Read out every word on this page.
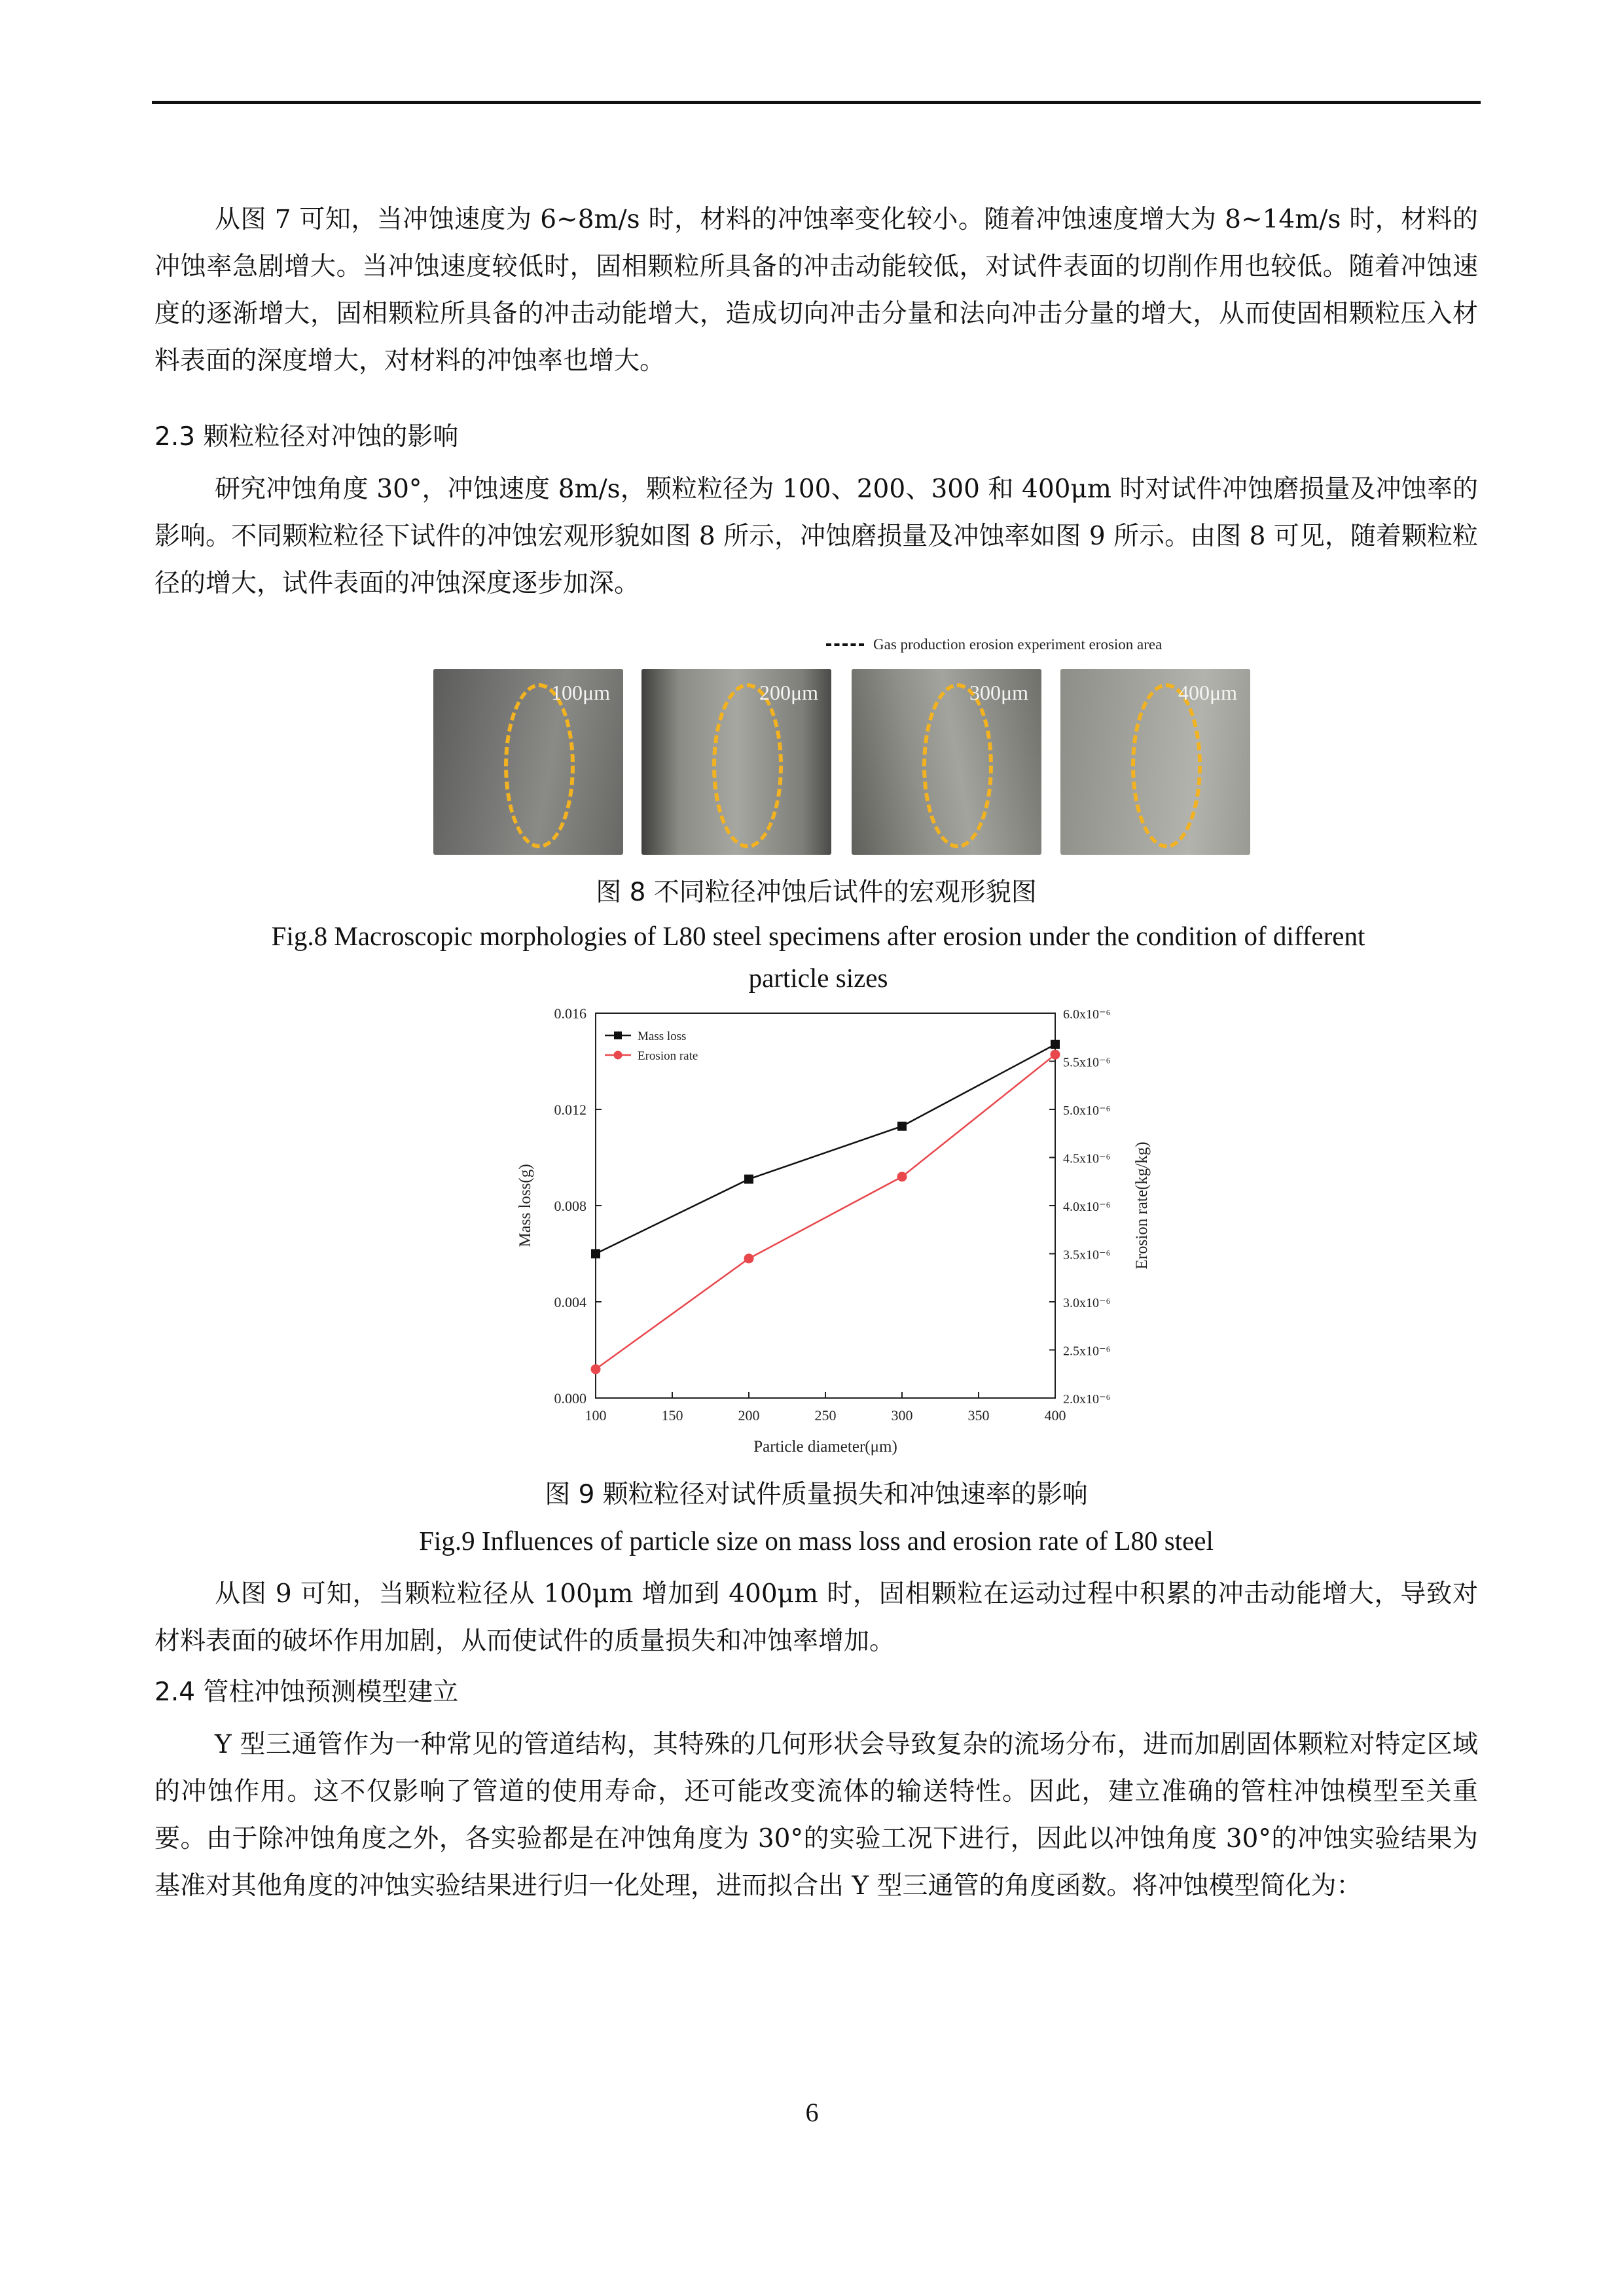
从图 7 可知，当冲蚀速度为 6~8m/s 时，材料的冲蚀率变化较小。随着冲蚀速度增大为 8~14m/s 时，材料的冲蚀率急剧增大。当冲蚀速度较低时，固相颗粒所具备的冲击动能较低，对试件表面的切削作用也较低。随着冲蚀速度的逐渐增大，固相颗粒所具备的冲击动能增大，造成切向冲击分量和法向冲击分量的增大，从而使固相颗粒压入材料表面的深度增大，对材料的冲蚀率也增大。

2.3 颗粒粒径对冲蚀的影响

研究冲蚀角度 30°，冲蚀速度 8m/s，颗粒粒径为 100、200、300 和 400μm 时对试件冲蚀磨损量及冲蚀率的影响。不同颗粒粒径下试件的冲蚀宏观形貌如图 8 所示，冲蚀磨损量及冲蚀率如图 9 所示。由图 8 可见，随着颗粒粒径的增大，试件表面的冲蚀深度逐步加深。

Gas production erosion experiment erosion area
100μm	200μm	300μm	400μm

图 8 不同粒径冲蚀后试件的宏观形貌图

Fig.8 Macroscopic morphologies of L80 steel specimens after erosion under the condition of different particle sizes

100	150	200	250	300	350	400
0.000
0.004
0.008
0.012
0.016
2.0x10⁻⁶
2.5x10⁻⁶
3.0x10⁻⁶
3.5x10⁻⁶
4.0x10⁻⁶
4.5x10⁻⁶
5.0x10⁻⁶
5.5x10⁻⁶
6.0x10⁻⁶
Particle diameter(μm)
Mass loss(g)	Erosion rate(kg/kg)
Mass loss
Erosion rate

图 9 颗粒粒径对试件质量损失和冲蚀速率的影响

Fig.9 Influences of particle size on mass loss and erosion rate of L80 steel

从图 9 可知，当颗粒粒径从 100μm 增加到 400μm 时，固相颗粒在运动过程中积累的冲击动能增大，导致对材料表面的破坏作用加剧，从而使试件的质量损失和冲蚀率增加。

2.4 管柱冲蚀预测模型建立

Y 型三通管作为一种常见的管道结构，其特殊的几何形状会导致复杂的流场分布，进而加剧固体颗粒对特定区域的冲蚀作用。这不仅影响了管道的使用寿命，还可能改变流体的输送特性。因此，建立准确的管柱冲蚀模型至关重要。由于除冲蚀角度之外，各实验都是在冲蚀角度为 30°的实验工况下进行，因此以冲蚀角度 30°的冲蚀实验结果为基准对其他角度的冲蚀实验结果进行归一化处理，进而拟合出 Y 型三通管的角度函数。将冲蚀模型简化为：

6
